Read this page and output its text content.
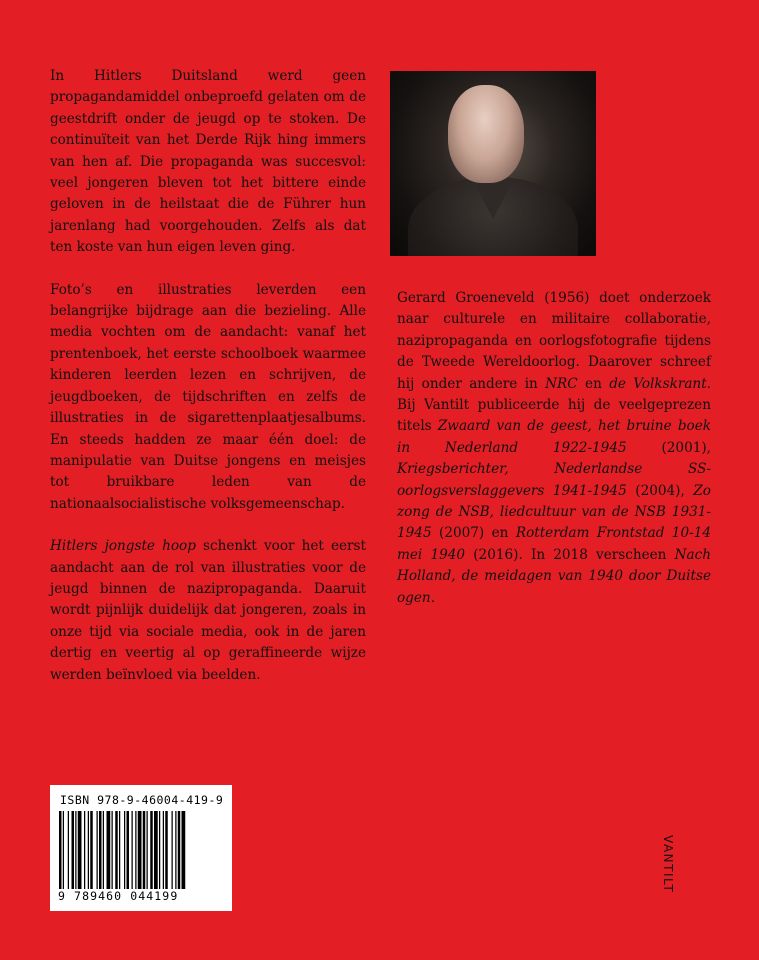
In Hitlers Duitsland werd geen propagandamiddel onbeproefd gelaten om de geestdrift onder de jeugd op te stoken. De continuïteit van het Derde Rijk hing immers van hen af. Die propaganda was succesvol: veel jongeren bleven tot het bittere einde geloven in de heilstaat die de Führer hun jarenlang had voorgehouden. Zelfs als dat ten koste van hun eigen leven ging.

Foto’s en illustraties leverden een belangrijke bijdrage aan die bezieling. Alle media vochten om de aandacht: vanaf het prentenboek, het eerste schoolboek waarmee kinderen leerden lezen en schrijven, de jeugdboeken, de tijdschriften en zelfs de illustraties in de sigarettenplaatjesalbums. En steeds hadden ze maar één doel: de manipulatie van Duitse jongens en meisjes tot bruikbare leden van de nationaalsocialistische volksgemeenschap.

Hitlers jongste hoop schenkt voor het eerst aandacht aan de rol van illustraties voor de jeugd binnen de nazipropaganda. Daaruit wordt pijnlijk duidelijk dat jongeren, zoals in onze tijd via sociale media, ook in de jaren dertig en veertig al op geraffineerde wijze werden beïnvloed via beelden.

Gerard Groeneveld (1956) doet onderzoek naar culturele en militaire collaboratie, nazipropaganda en oorlogsfotografie tijdens de Tweede Wereldoorlog. Daarover schreef hij onder andere in NRC en de Volkskrant. Bij Vantilt publiceerde hij de veelgeprezen titels Zwaard van de geest, het bruine boek in Nederland 1922-1945 (2001), Kriegsberichter, Nederlandse SS-oorlogsverslaggevers 1941-1945 (2004), Zo zong de NSB, liedcultuur van de NSB 1931-1945 (2007) en Rotterdam Frontstad 10-14 mei 1940 (2016). In 2018 verscheen Nach Holland, de meidagen van 1940 door Duitse ogen.

ISBN 978-9-46004-419-9
9 789460 044199
VANTILT
